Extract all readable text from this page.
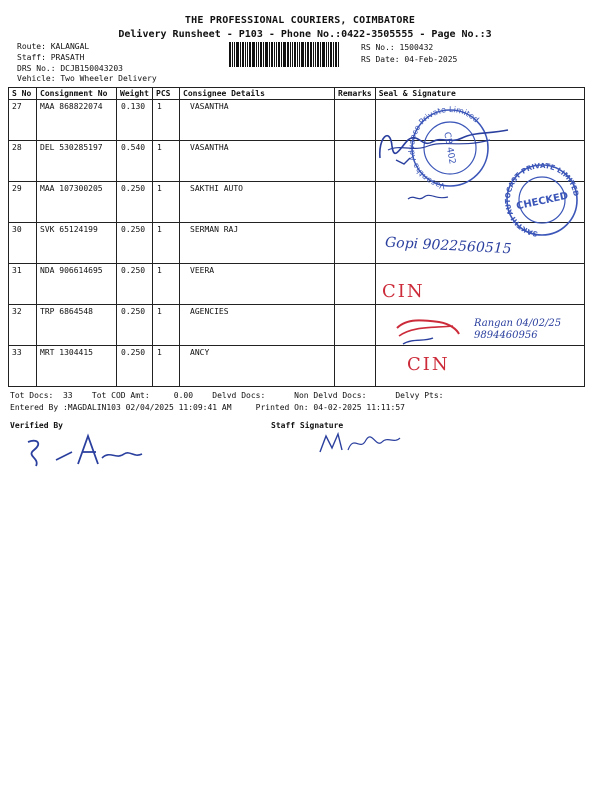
THE PROFESSIONAL COURIERS, COIMBATORE
Delivery Runsheet - P103 - Phone No.:0422-3505555 - Page No.:3
Route: KALANGAL
Staff: PRASATH
DRS No.: DCJB150043203
Vehicle: Two Wheeler Delivery
RS No.: 1500432
RS Date: 04-Feb-2025
S No	Consignment No	Weight	PCS	Consignee Details	Remarks	Seal & Signature
27	MAA 868822074	0.130	1	VASANTHA		
28	DEL 530285197	0.540	1	VASANTHA		
29	MAA 107300205	0.250	1	SAKTHI AUTO		
30	SVK 65124199	0.250	1	SERMAN RAJ		
31	NDA 906614695	0.250	1	VEERA		
32	TRP 6864548	0.250	1	AGENCIES		
33	MRT 1304415	0.250	1	ANCY		
Vasantha Advance Private Limited
CB 402
SAKTHI AUTOCAST PRIVATE LIMITED
CHECKED
Gopi 9022560515
CIN
Rangan 04/02/25 9894460956
CIN
Tot Docs:  33    Tot COD Amt:     0.00    Delvd Docs:      Non Delvd Docs:      Delvy Pts:
Entered By :MAGDALIN103 02/04/2025 11:09:41 AM     Printed On: 04-02-2025 11:11:57
Verified By	Staff Signature
